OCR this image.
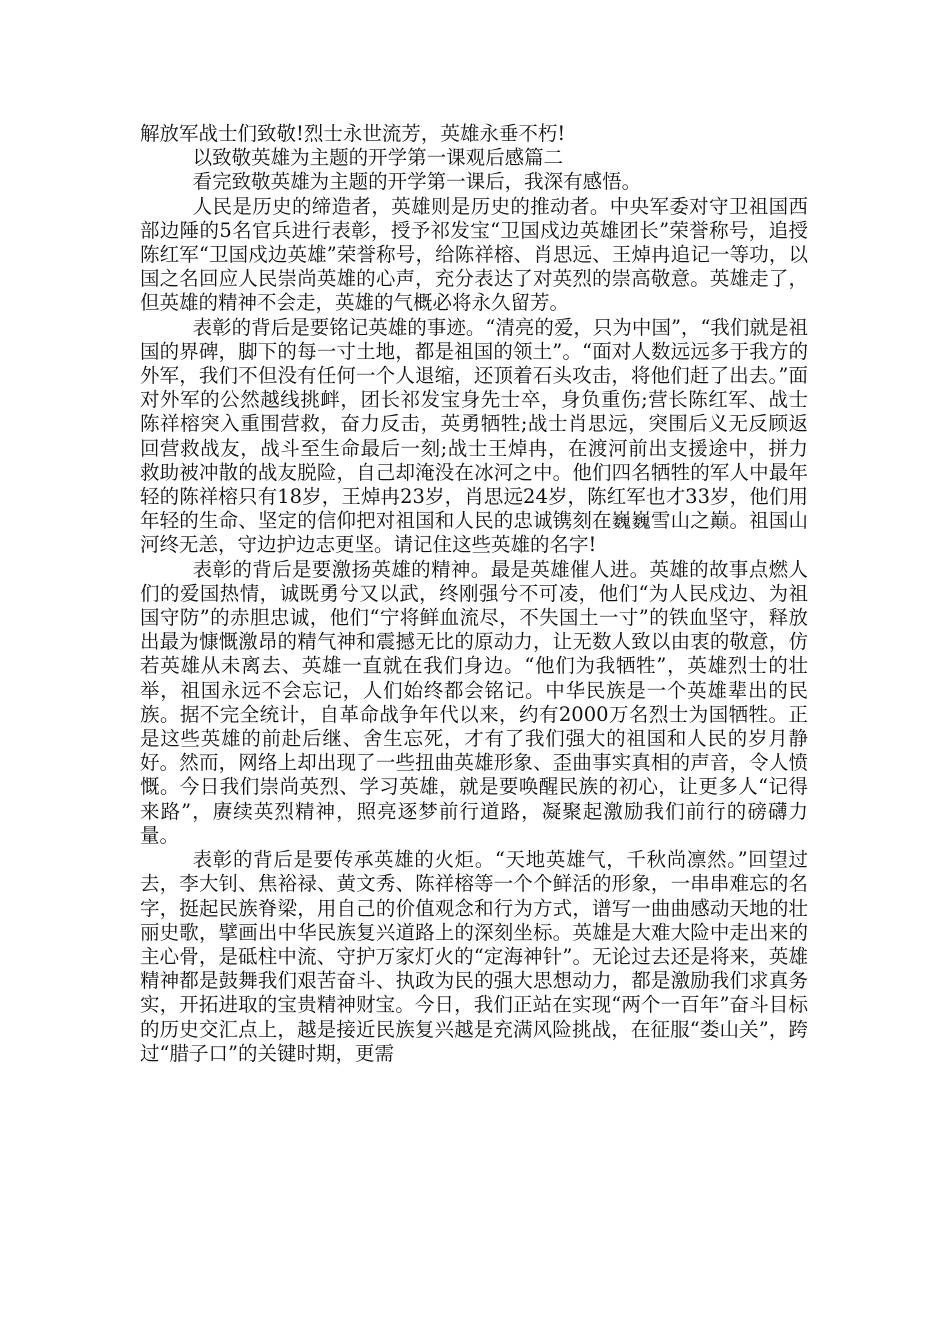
解放军战士们致敬!烈士永世流芳，英雄永垂不朽!

以致敬英雄为主题的开学第一课观后感篇二

看完致敬英雄为主题的开学第一课后，我深有感悟。

人民是历史的缔造者，英雄则是历史的推动者。中央军委对守卫祖国西部边陲的5名官兵进行表彰，授予祁发宝“卫国戍边英雄团长”荣誉称号，追授陈红军“卫国戍边英雄”荣誉称号，给陈祥榕、肖思远、王焯冉追记一等功，以国之名回应人民崇尚英雄的心声，充分表达了对英烈的崇高敬意。英雄走了，但英雄的精神不会走，英雄的气概必将永久留芳。

表彰的背后是要铭记英雄的事迹。“清亮的爱，只为中国”，“我们就是祖国的界碑，脚下的每一寸土地，都是祖国的领土”。“面对人数远远多于我方的外军，我们不但没有任何一个人退缩，还顶着石头攻击，将他们赶了出去。”面对外军的公然越线挑衅，团长祁发宝身先士卒，身负重伤;营长陈红军、战士陈祥榕突入重围营救，奋力反击，英勇牺牲;战士肖思远，突围后义无反顾返回营救战友，战斗至生命最后一刻;战士王焯冉，在渡河前出支援途中，拼力救助被冲散的战友脱险，自己却淹没在冰河之中。他们四名牺牲的军人中最年轻的陈祥榕只有18岁，王焯冉23岁，肖思远24岁，陈红军也才33岁，他们用年轻的生命、坚定的信仰把对祖国和人民的忠诚镌刻在巍巍雪山之巅。祖国山河终无恙，守边护边志更坚。请记住这些英雄的名字!

表彰的背后是要激扬英雄的精神。最是英雄催人进。英雄的故事点燃人们的爱国热情，诚既勇兮又以武，终刚强兮不可凌，他们“为人民戍边、为祖国守防”的赤胆忠诚，他们“宁将鲜血流尽，不失国土一寸”的铁血坚守，释放出最为慷慨激昂的精气神和震撼无比的原动力，让无数人致以由衷的敬意，仿若英雄从未离去、英雄一直就在我们身边。“他们为我牺牲”，英雄烈士的壮举，祖国永远不会忘记，人们始终都会铭记。中华民族是一个英雄辈出的民族。据不完全统计，自革命战争年代以来，约有2000万名烈士为国牺牲。正是这些英雄的前赴后继、舍生忘死，才有了我们强大的祖国和人民的岁月静好。然而，网络上却出现了一些扭曲英雄形象、歪曲事实真相的声音，令人愤慨。今日我们崇尚英烈、学习英雄，就是要唤醒民族的初心，让更多人“记得来路”，赓续英烈精神，照亮逐梦前行道路，凝聚起激励我们前行的磅礴力量。

表彰的背后是要传承英雄的火炬。“天地英雄气，千秋尚凛然。”回望过去，李大钊、焦裕禄、黄文秀、陈祥榕等一个个鲜活的形象，一串串难忘的名字，挺起民族脊梁，用自己的价值观念和行为方式，谱写一曲曲感动天地的壮丽史歌，擘画出中华民族复兴道路上的深刻坐标。英雄是大难大险中走出来的主心骨，是砥柱中流、守护万家灯火的“定海神针”。无论过去还是将来，英雄精神都是鼓舞我们艰苦奋斗、执政为民的强大思想动力，都是激励我们求真务实，开拓进取的宝贵精神财宝。今日，我们正站在实现“两个一百年”奋斗目标的历史交汇点上，越是接近民族复兴越是充满风险挑战，在征服“娄山关”，跨过“腊子口”的关键时期，更需
